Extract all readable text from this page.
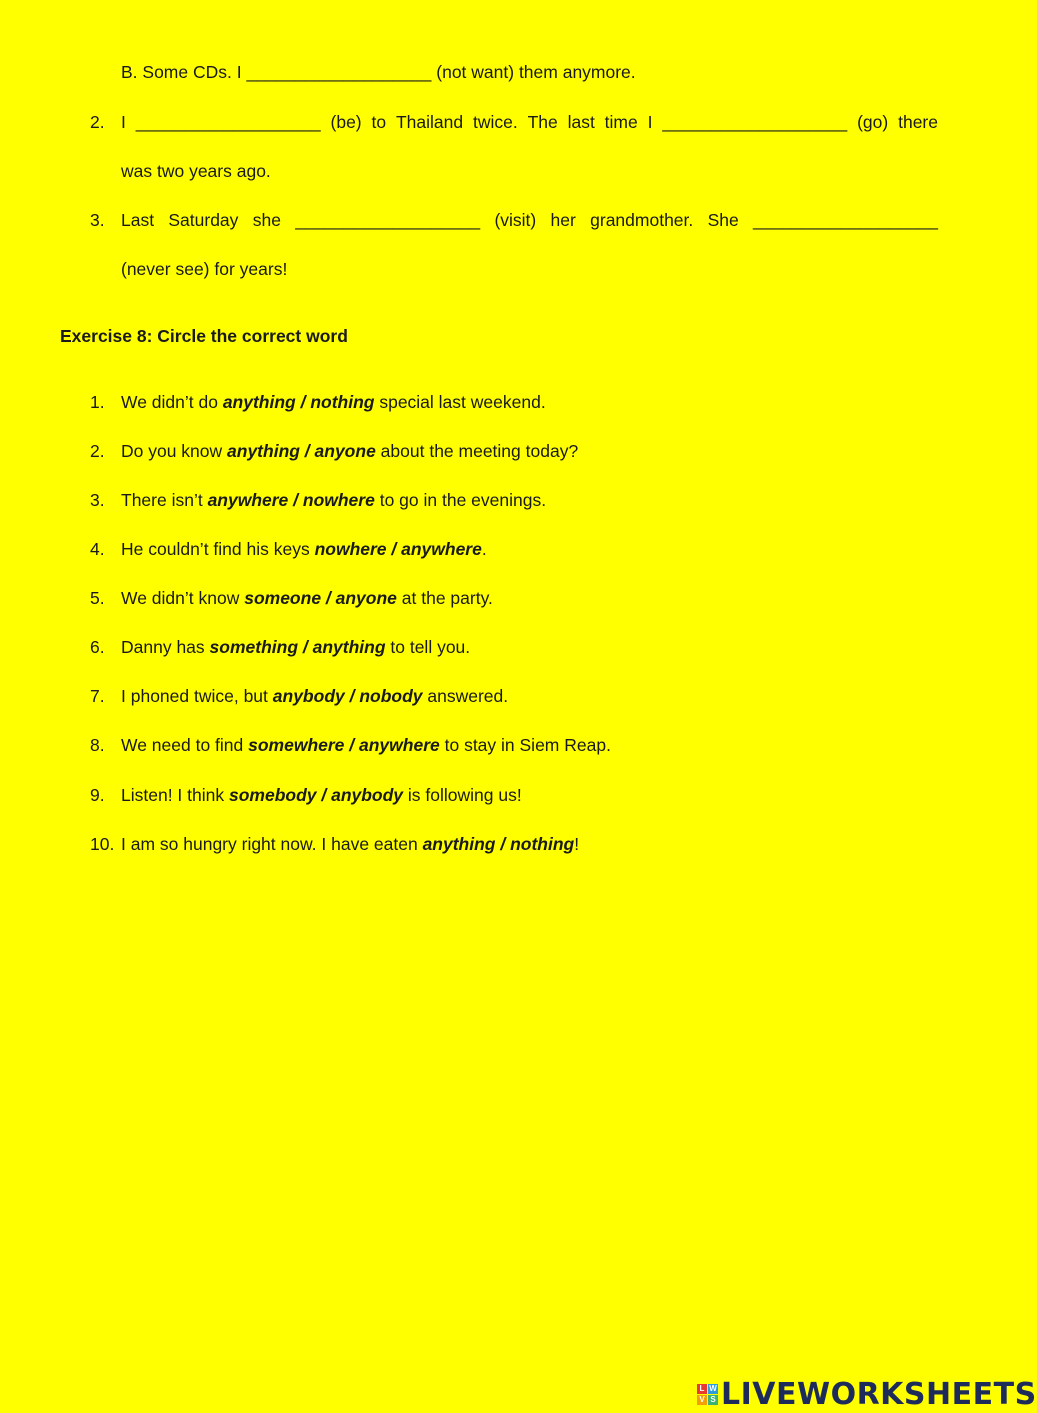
B. Some CDs. I ___________________ (not want) them anymore.
2. I ___________________ (be) to Thailand twice. The last time I ___________________ (go) there
was two years ago.
3. Last Saturday she ___________________ (visit) her grandmother. She ___________________
(never see) for years!
Exercise 8: Circle the correct word
1. We didn’t do anything / nothing special last weekend.
2. Do you know anything / anyone about the meeting today?
3. There isn’t anywhere / nowhere to go in the evenings.
4. He couldn’t find his keys nowhere / anywhere.
5. We didn’t know someone / anyone at the party.
6. Danny has something / anything to tell you.
7. I phoned twice, but anybody / nobody answered.
8. We need to find somewhere / anywhere to stay in Siem Reap.
9. Listen! I think somebody / anybody is following us!
10. I am so hungry right now. I have eaten anything / nothing!
L W
V S LIVEWORKSHEETS
